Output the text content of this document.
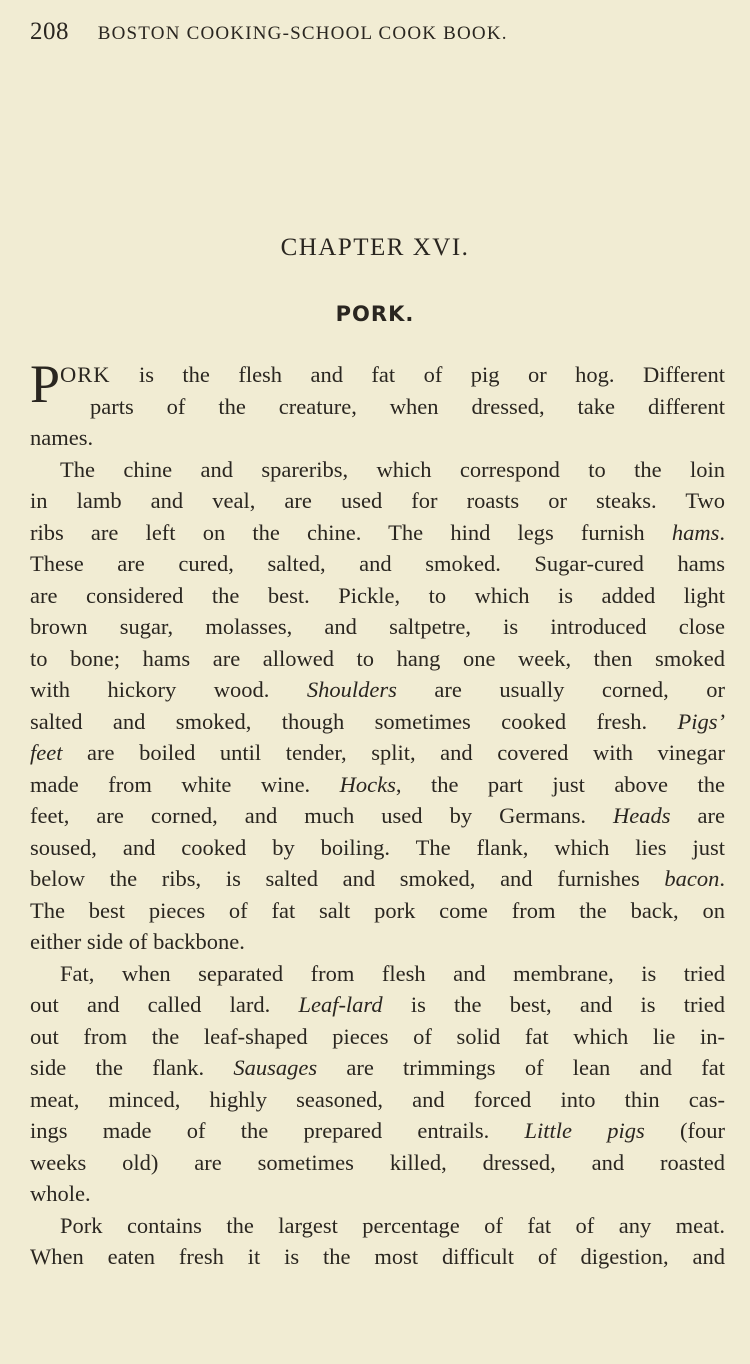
208 BOSTON COOKING-SCHOOL COOK BOOK.
CHAPTER XVI.
PORK.
P ORK is the flesh and fat of pig or hog. Different
parts of the creature, when dressed, take different
names.
The chine and spareribs, which correspond to the loin
in lamb and veal, are used for roasts or steaks. Two
ribs are left on the chine. The hind legs furnish hams.
These are cured, salted, and smoked. Sugar-cured hams
are considered the best. Pickle, to which is added light
brown sugar, molasses, and saltpetre, is introduced close
to bone; hams are allowed to hang one week, then smoked
with hickory wood. Shoulders are usually corned, or
salted and smoked, though sometimes cooked fresh. Pigs’
feet are boiled until tender, split, and covered with vinegar
made from white wine. Hocks, the part just above the
feet, are corned, and much used by Germans. Heads are
soused, and cooked by boiling. The flank, which lies just
below the ribs, is salted and smoked, and furnishes bacon.
The best pieces of fat salt pork come from the back, on
either side of backbone.
Fat, when separated from flesh and membrane, is tried
out and called lard. Leaf-lard is the best, and is tried
out from the leaf-shaped pieces of solid fat which lie in-
side the flank. Sausages are trimmings of lean and fat
meat, minced, highly seasoned, and forced into thin cas-
ings made of the prepared entrails. Little pigs (four
weeks old) are sometimes killed, dressed, and roasted
whole.
Pork contains the largest percentage of fat of any meat.
When eaten fresh it is the most difficult of digestion, and
